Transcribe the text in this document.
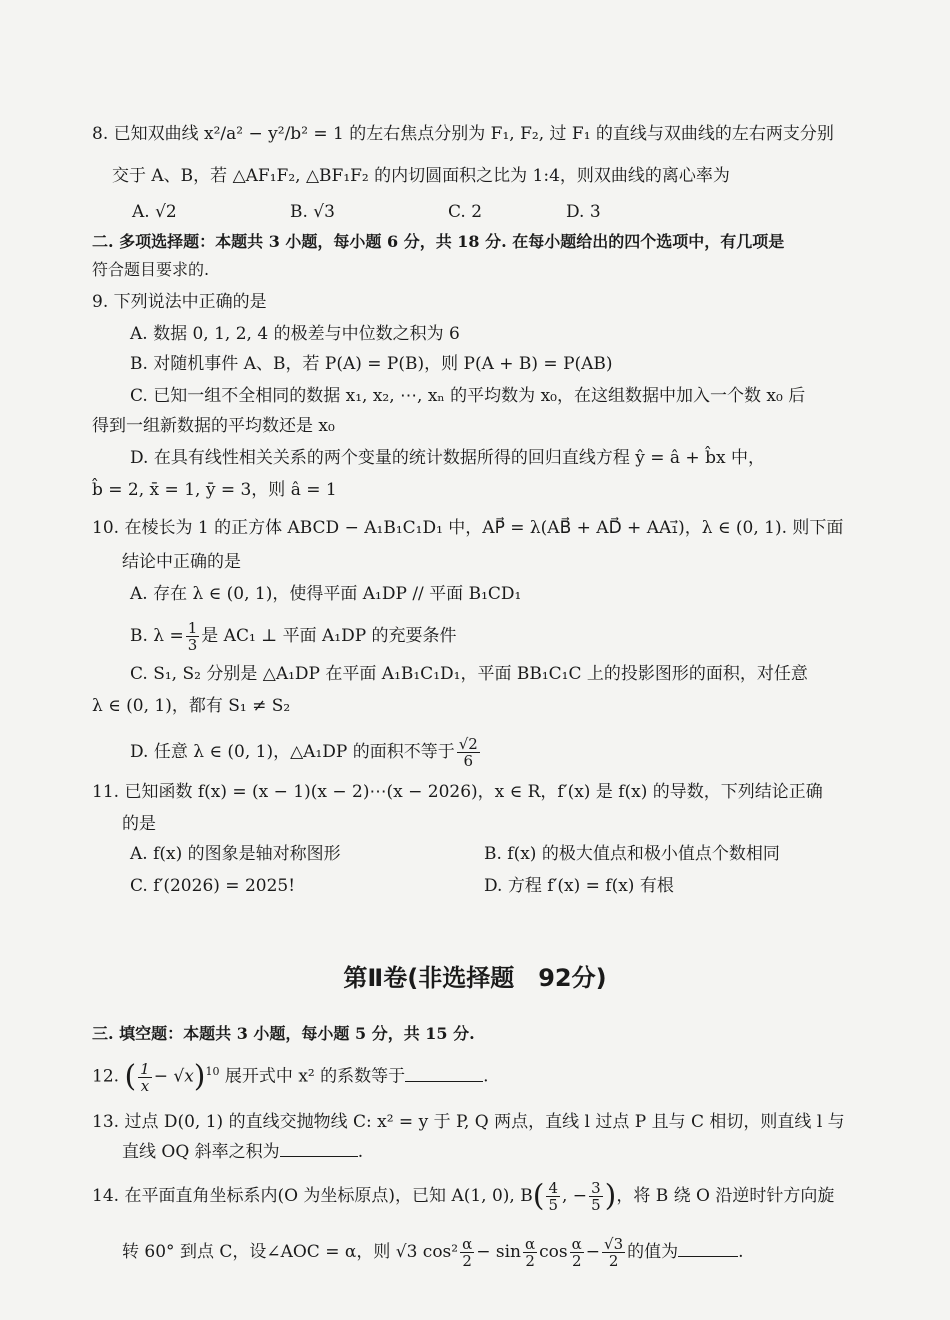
8. 已知双曲线 x²/a² − y²/b² = 1 的左右焦点分别为 F₁, F₂, 过 F₁ 的直线与双曲线的左右两支分别
交于 A、B，若 △AF₁F₂, △BF₁F₂ 的内切圆面积之比为 1:4，则双曲线的离心率为
A. √2	B. √3	C. 2	D. 3
二. 多项选择题：本题共 3 小题，每小题 6 分，共 18 分. 在每小题给出的四个选项中，有几项是
符合题目要求的.
9. 下列说法中正确的是
A. 数据 0, 1, 2, 4 的极差与中位数之积为 6
B. 对随机事件 A、B，若 P(A) = P(B)，则 P(A + B) = P(AB)
C. 已知一组不全相同的数据 x₁, x₂, ⋯, xₙ 的平均数为 x₀，在这组数据中加入一个数 x₀ 后
得到一组新数据的平均数还是 x₀
D. 在具有线性相关关系的两个变量的统计数据所得的回归直线方程 ŷ = â + b̂x 中，
b̂ = 2, x̄ = 1, ȳ = 3，则 â = 1
10. 在棱长为 1 的正方体 ABCD − A₁B₁C₁D₁ 中，AP⃗ = λ(AB⃗ + AD⃗ + AA₁⃗)，λ ∈ (0, 1). 则下面
结论中正确的是
A. 存在 λ ∈ (0, 1)，使得平面 A₁DP // 平面 B₁CD₁
B. $\lambda = \frac{1}{3}$ 是 AC₁ ⊥ 平面 A₁DP 的充要条件
C. S₁, S₂ 分别是 △A₁DP 在平面 A₁B₁C₁D₁，平面 BB₁C₁C 上的投影图形的面积，对任意
λ ∈ (0, 1)，都有 S₁ ≠ S₂
D. 任意 λ ∈ (0, 1)，△A₁DP 的面积不等于 $\frac{√2}{6}$
11. 已知函数 f(x) = (x − 1)(x − 2)⋯(x − 2026)，x ∈ R，f′(x) 是 f(x) 的导数，下列结论正确
的是
A. f(x) 的图象是轴对称图形	B. f(x) 的极大值点和极小值点个数相同
C. f′(2026) = 2025!	D. 方程 f′(x) = f(x) 有根
第Ⅱ卷(非选择题　92分)
三. 填空题：本题共 3 小题，每小题 5 分，共 15 分.
12. ( $\frac{1}{x} - √x)^{10}$ 展开式中 x² 的系数等于	.
13. 过点 D(0, 1) 的直线交抛物线 C: x² = y 于 P, Q 两点，直线 l 过点 P 且与 C 相切，则直线 l 与
直线 OQ 斜率之积为	.
14. 在平面直角坐标系内(O 为坐标原点)，已知 A(1, 0), $B( \frac{4}{5}$ , − $\frac{3}{5}$ )，将 B 绕 O 沿逆时针方向旋
转 60° 到点 C，设∠AOC = α，则 √3 $\cos^2 \frac{\alpha}{2} - \sin \frac{\alpha}{2}$ $\cos \frac{\alpha}{2} - \frac{√3}{2}$ 的值为	.
